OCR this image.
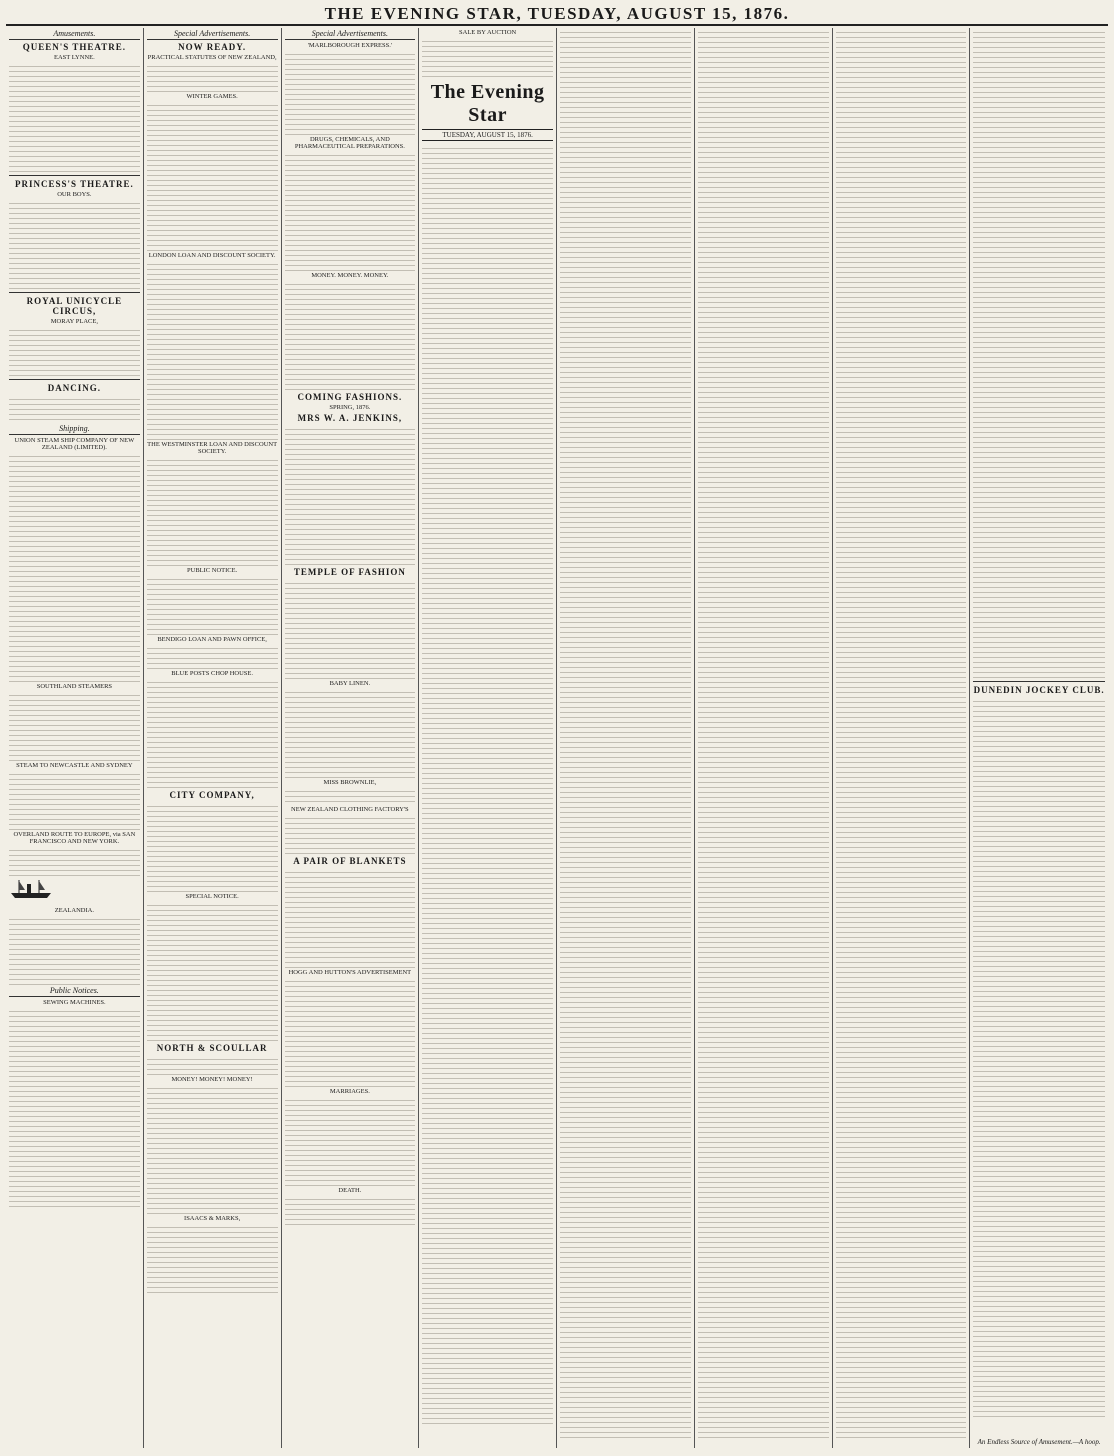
THE EVENING STAR, TUESDAY, AUGUST 15, 1876.
Amusements.
QUEEN'S THEATRE.
EAST LYNNE.
PRINCESS'S THEATRE.
OUR BOYS.
ROYAL UNICYCLE CIRCUS,
MORAY PLACE,
DANCING.
Shipping.
UNION STEAM SHIP COMPANY OF NEW ZEALAND (LIMITED).
SOUTHLAND STEAMERS
STEAM TO NEWCASTLE AND SYDNEY
OVERLAND ROUTE TO EUROPE, via SAN FRANCISCO AND NEW YORK.
ZEALANDIA.
Public Notices.
SEWING MACHINES.
Special Advertisements.
NOW READY.
PRACTICAL STATUTES OF NEW ZEALAND,
WINTER GAMES.
LONDON LOAN AND DISCOUNT SOCIETY.
THE WESTMINSTER LOAN AND DISCOUNT SOCIETY.
PUBLIC NOTICE.
BENDIGO LOAN AND PAWN OFFICE,
BLUE POSTS CHOP HOUSE.
CITY COMPANY,
SPECIAL NOTICE.
NORTH & SCOULLAR
MONEY! MONEY! MONEY!
ISAACS & MARKS,
Special Advertisements.
'MARLBOROUGH EXPRESS.'
DRUGS, CHEMICALS, AND PHARMACEUTICAL PREPARATIONS.
MONEY. MONEY. MONEY.
COMING FASHIONS.
SPRING, 1876.
MRS W. A. JENKINS,
TEMPLE OF FASHION
BABY LINEN.
MISS BROWNLIE,
NEW ZEALAND CLOTHING FACTORY'S
A PAIR OF BLANKETS
HOGG AND HUTTON'S ADVERTISEMENT
MARRIAGES.
DEATH.
SALE BY AUCTION
The Evening Star
TUESDAY, AUGUST 15, 1876.
DUNEDIN JOCKEY CLUB.
An Endless Source of Amusement.—A hoop.
